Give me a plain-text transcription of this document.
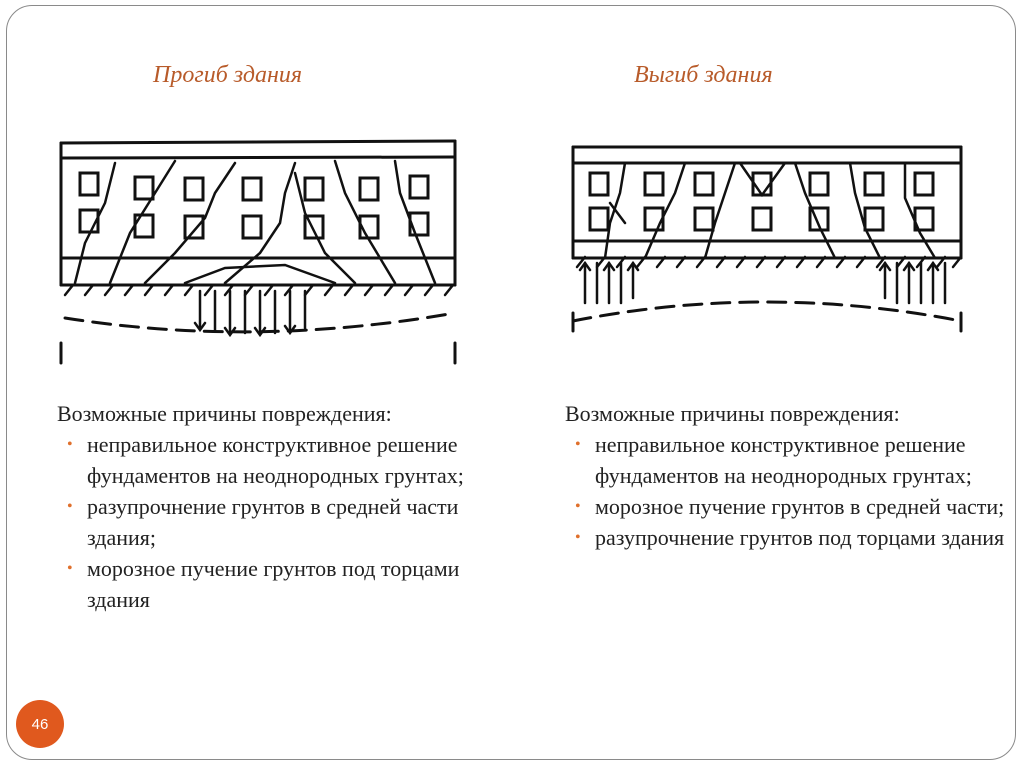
Прогиб здания	Выгиб здания
Возможные причины повреждения:
• неправильное конструктивное решение фундаментов на неоднородных грунтах;
• разупрочнение грунтов в средней части здания;
• морозное пучение грунтов под торцами здания
Возможные причины повреждения:
• неправильное конструктивное решение фундаментов на неоднородных грунтах;
• морозное пучение грунтов в средней части;
• разупрочнение грунтов под торцами здания
46
